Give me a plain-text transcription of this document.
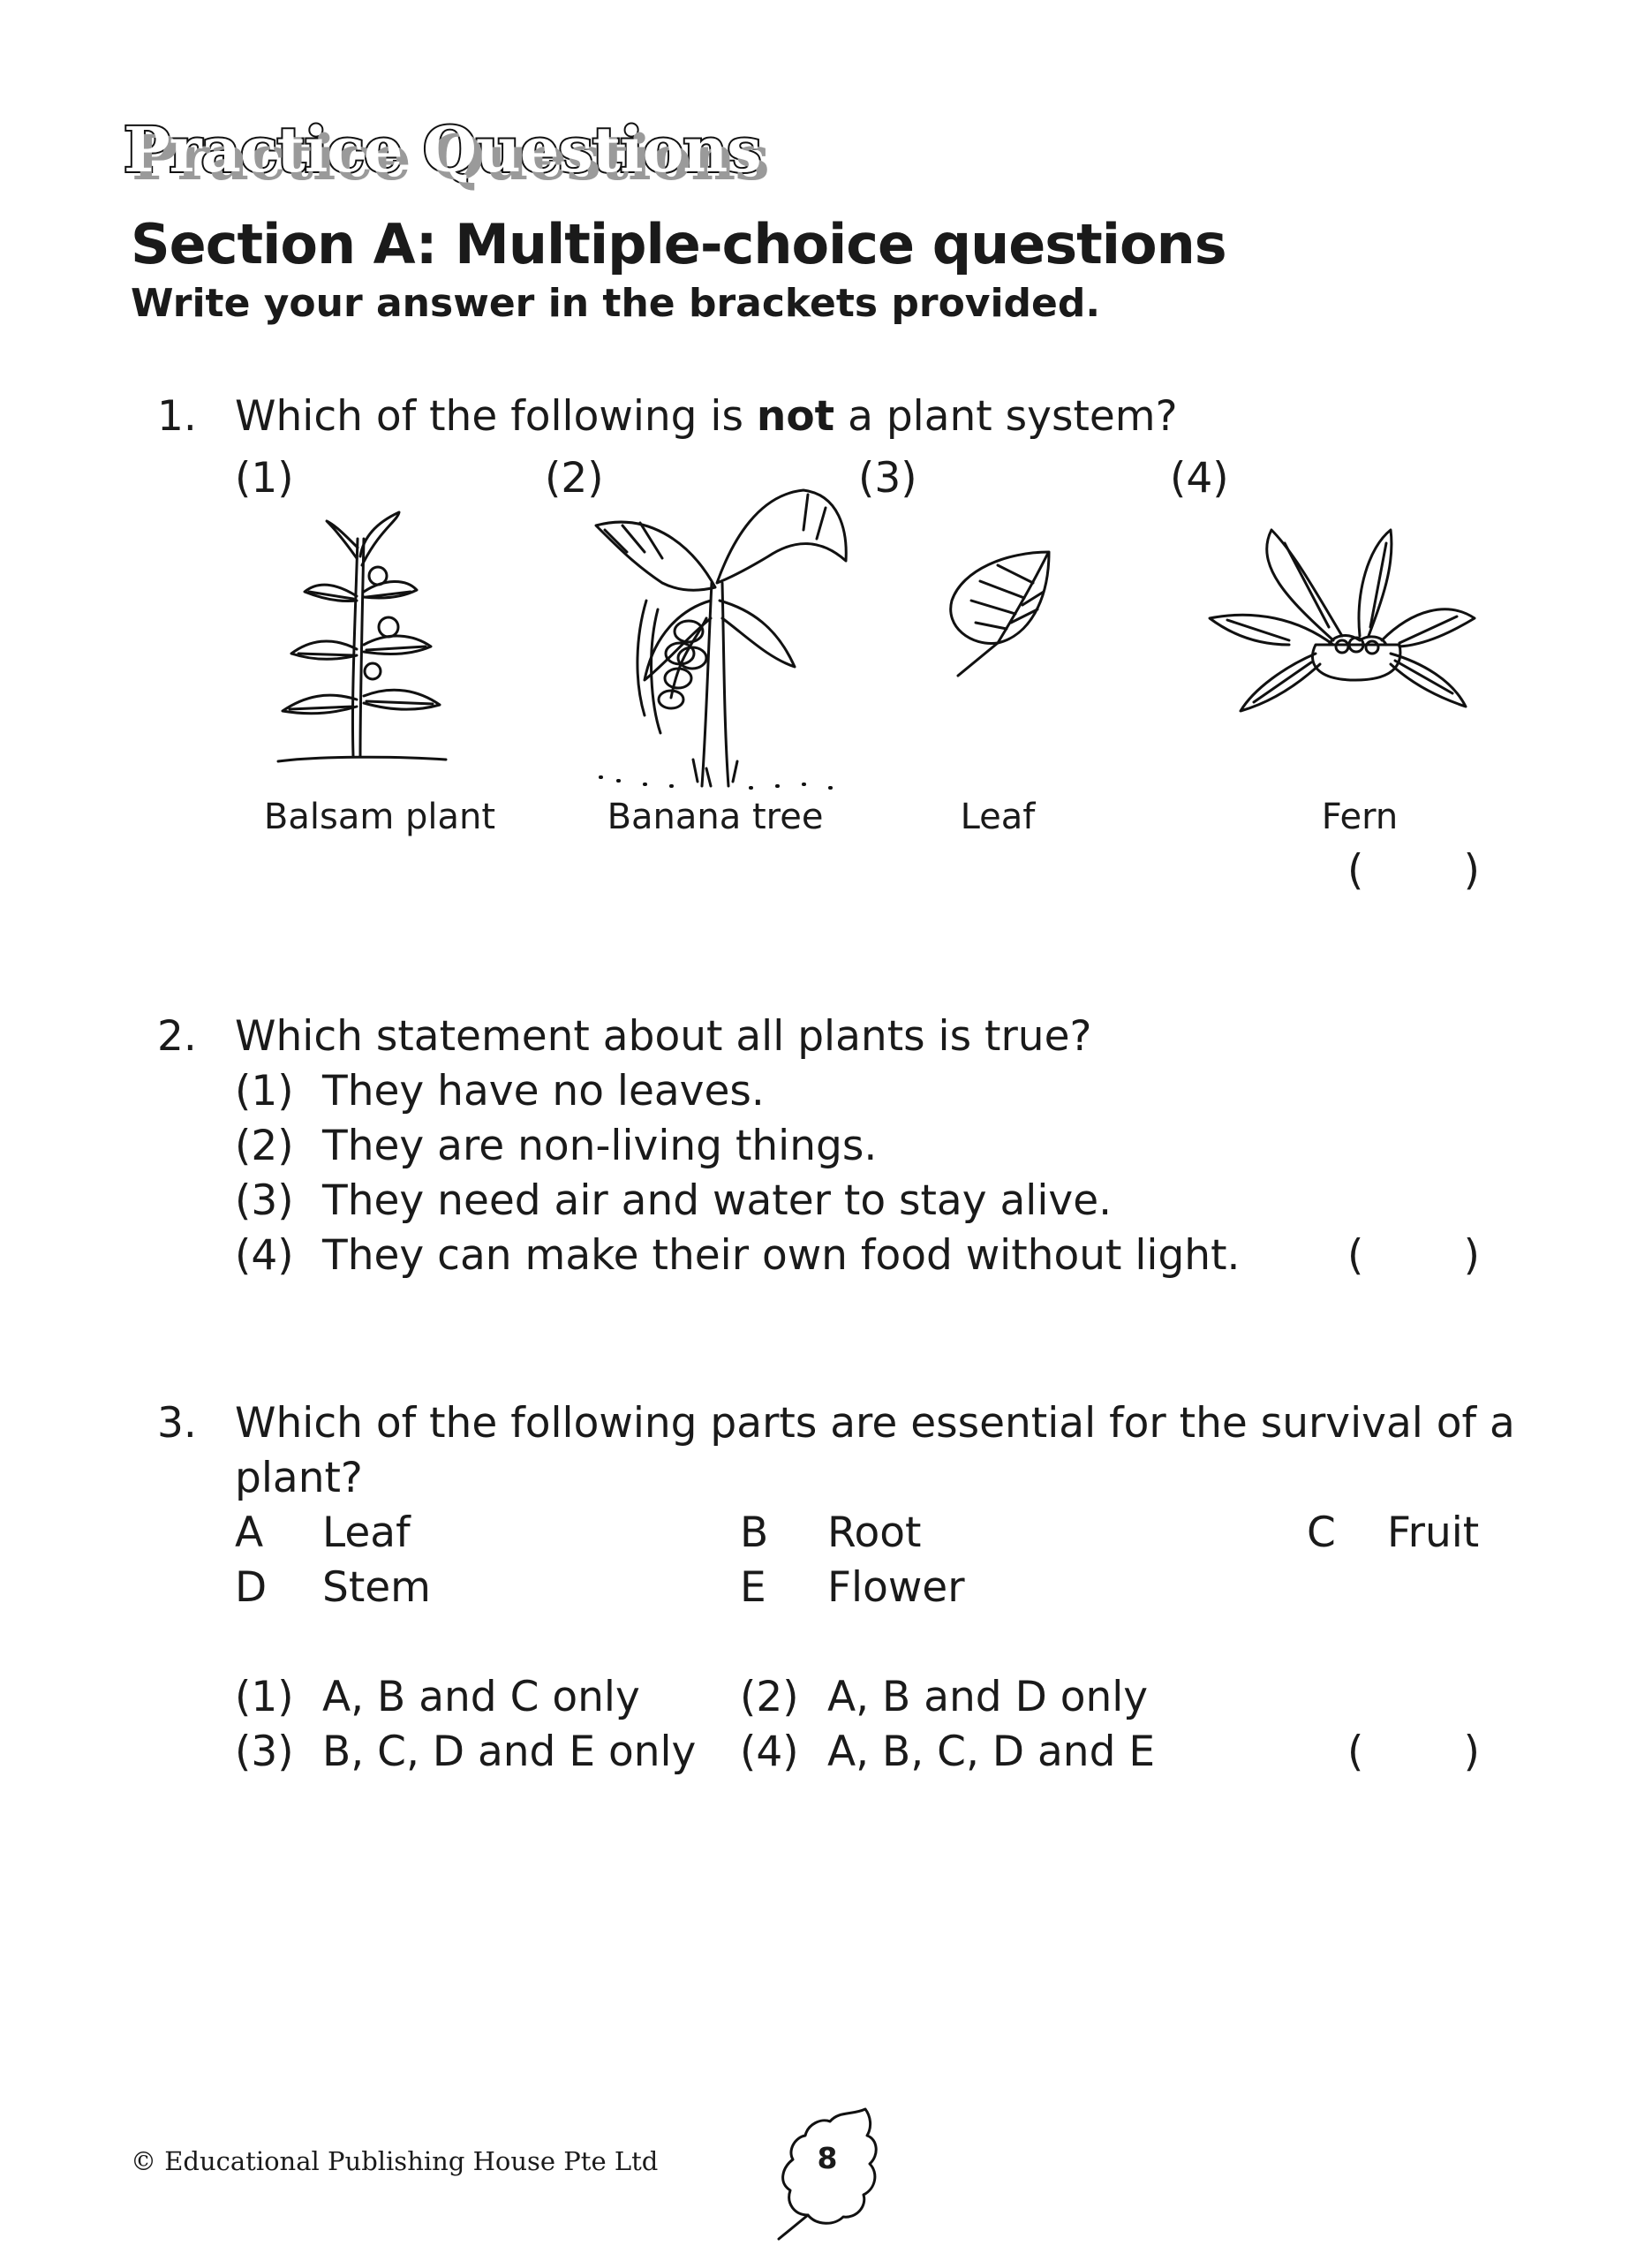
Practice Questions
Section A: Multiple-choice questions
Write your answer in the brackets provided.
1. Which of the following is not a plant system?
(1)	(2)	(3)	(4)
Balsam plant	Banana tree	Leaf	Fern
( )
2. Which statement about all plants is true?
(1) They have no leaves.
(2) They are non-living things.
(3) They need air and water to stay alive.
(4) They can make their own food without light.	( )
3. Which of the following parts are essential for the survival of a
plant?
A Leaf	B Root	C Fruit
D Stem	E Flower
(1) A, B and C only (2) A, B and D only
(3) B, C, D and E only (4) A, B, C, D and E	( )
© Educational Publishing House Pte Ltd	8
